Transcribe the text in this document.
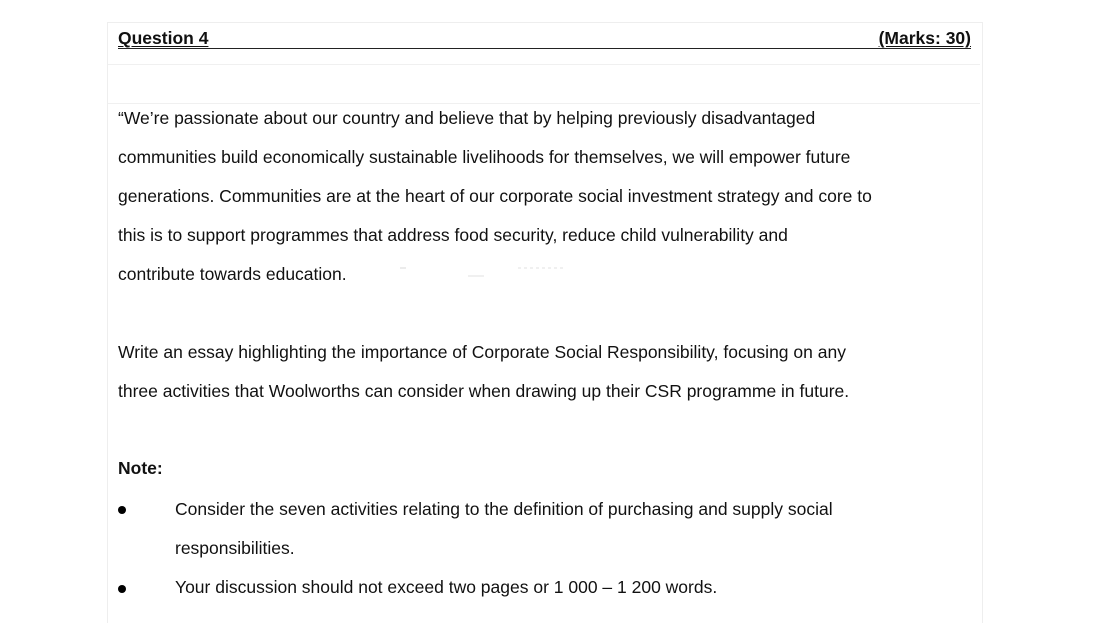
Question 4	(Marks: 30)

“We’re passionate about our country and believe that by helping previously disadvantaged

communities build economically sustainable livelihoods for themselves, we will empower future

generations. Communities are at the heart of our corporate social investment strategy and core to

this is to support programmes that address food security, reduce child vulnerability and

contribute towards education.

Write an essay highlighting the importance of Corporate Social Responsibility, focusing on any

three activities that Woolworths can consider when drawing up their CSR programme in future.

Note:

Consider the seven activities relating to the definition of purchasing and supply social

responsibilities.

Your discussion should not exceed two pages or 1 000 – 1 200 words.
